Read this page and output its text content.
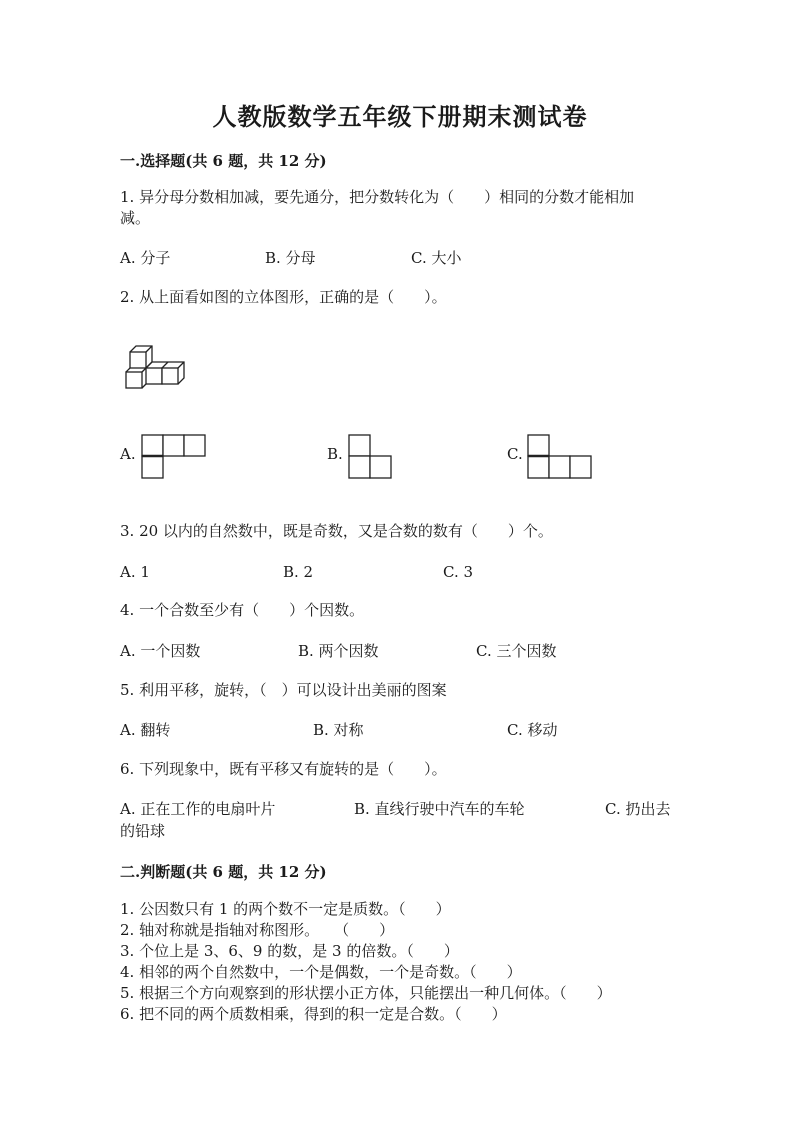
人教版数学五年级下册期末测试卷
一.选择题(共 6 题，共 12 分)
1. 异分母分数相加减，要先通分，把分数转化为（　　）相同的分数才能相加
减。
A. 分子	B. 分母	C. 大小
2. 从上面看如图的立体图形，正确的是（　　）。
A.	B.	C.
3. 20 以内的自然数中，既是奇数，又是合数的数有（　　）个。
A. 1	B. 2	C. 3
4. 一个合数至少有（　　）个因数。
A. 一个因数	B. 两个因数	C. 三个因数
5. 利用平移，旋转，（　）可以设计出美丽的图案
A. 翻转	B. 对称	C. 移动
6. 下列现象中，既有平移又有旋转的是（　　）。
A. 正在工作的电扇叶片	B. 直线行驶中汽车的车轮	C. 扔出去
的铅球
二.判断题(共 6 题，共 12 分)
1. 公因数只有 1 的两个数不一定是质数。（　　）
2. 轴对称就是指轴对称图形。　　（　　）
3. 个位上是 3、6、9 的数，是 3 的倍数。（　　）
4. 相邻的两个自然数中，一个是偶数，一个是奇数。（　　）
5. 根据三个方向观察到的形状摆小正方体，只能摆出一种几何体。（　　）
6. 把不同的两个质数相乘，得到的积一定是合数。（　　）
